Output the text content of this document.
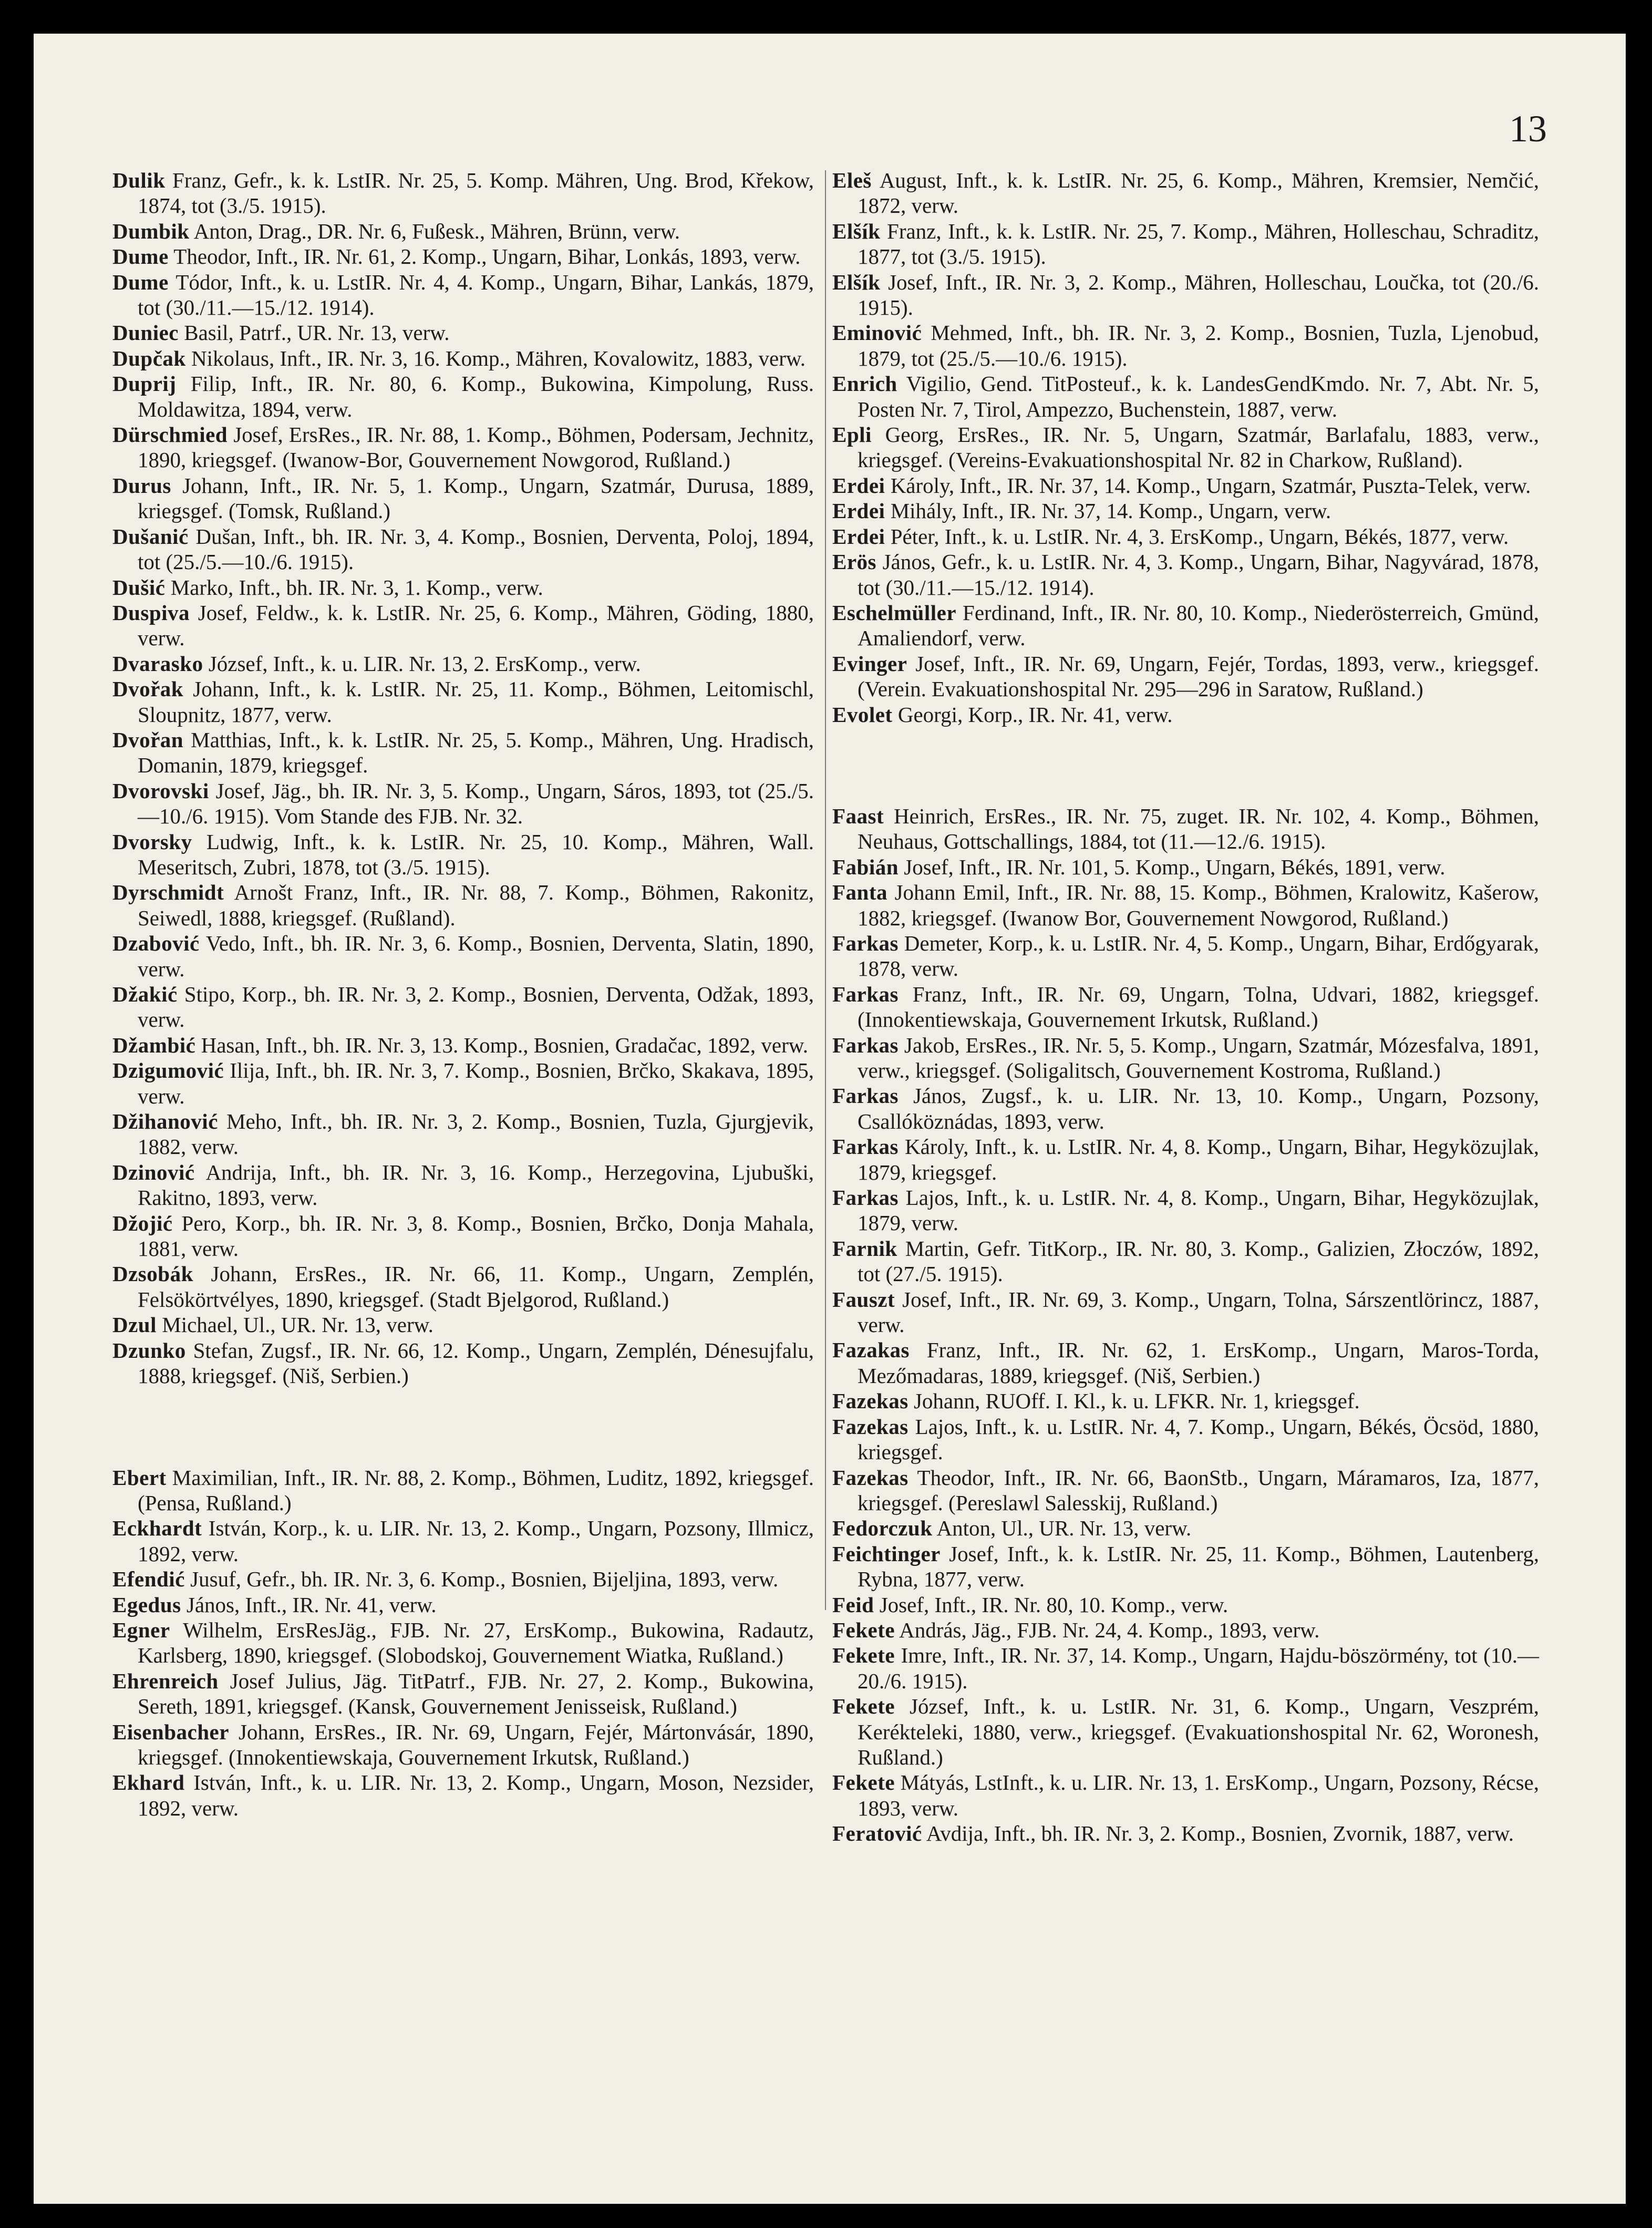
13

Dulik Franz, Gefr., k. k. LstIR. Nr. 25, 5. Komp. Mähren, Ung. Brod, Křekow, 1874, tot (3./5. 1915).

Dumbik Anton, Drag., DR. Nr. 6, Fußesk., Mähren, Brünn, verw.

Dume Theodor, Inft., IR. Nr. 61, 2. Komp., Ungarn, Bihar, Lonkás, 1893, verw.

Dume Tódor, Inft., k. u. LstIR. Nr. 4, 4. Komp., Ungarn, Bihar, Lankás, 1879, tot (30./11.—15./12. 1914).

Duniec Basil, Patrf., UR. Nr. 13, verw.

Dupčak Nikolaus, Inft., IR. Nr. 3, 16. Komp., Mähren, Kovalowitz, 1883, verw.

Duprij Filip, Inft., IR. Nr. 80, 6. Komp., Bukowina, Kimpolung, Russ. Moldawitza, 1894, verw.

Dürschmied Josef, ErsRes., IR. Nr. 88, 1. Komp., Böhmen, Podersam, Jechnitz, 1890, kriegsgef. (Iwanow-Bor, Gouvernement Nowgorod, Rußland.)

Durus Johann, Inft., IR. Nr. 5, 1. Komp., Ungarn, Szatmár, Durusa, 1889, kriegsgef. (Tomsk, Rußland.)

Dušanić Dušan, Inft., bh. IR. Nr. 3, 4. Komp., Bosnien, Derventa, Poloj, 1894, tot (25./5.—10./6. 1915).

Dušić Marko, Inft., bh. IR. Nr. 3, 1. Komp., verw.

Duspiva Josef, Feldw., k. k. LstIR. Nr. 25, 6. Komp., Mähren, Göding, 1880, verw.

Dvarasko József, Inft., k. u. LIR. Nr. 13, 2. ErsKomp., verw.

Dvořak Johann, Inft., k. k. LstIR. Nr. 25, 11. Komp., Böhmen, Leitomischl, Sloupnitz, 1877, verw.

Dvořan Matthias, Inft., k. k. LstIR. Nr. 25, 5. Komp., Mähren, Ung. Hradisch, Domanin, 1879, kriegsgef.

Dvorovski Josef, Jäg., bh. IR. Nr. 3, 5. Komp., Ungarn, Sáros, 1893, tot (25./5.—10./6. 1915). Vom Stande des FJB. Nr. 32.

Dvorsky Ludwig, Inft., k. k. LstIR. Nr. 25, 10. Komp., Mähren, Wall. Meseritsch, Zubri, 1878, tot (3./5. 1915).

Dyrschmidt Arnošt Franz, Inft., IR. Nr. 88, 7. Komp., Böhmen, Rakonitz, Seiwedl, 1888, kriegsgef. (Rußland).

Dzabović Vedo, Inft., bh. IR. Nr. 3, 6. Komp., Bosnien, Derventa, Slatin, 1890, verw.

Džakić Stipo, Korp., bh. IR. Nr. 3, 2. Komp., Bosnien, Derventa, Odžak, 1893, verw.

Džambić Hasan, Inft., bh. IR. Nr. 3, 13. Komp., Bosnien, Gradačac, 1892, verw.

Dzigumović Ilija, Inft., bh. IR. Nr. 3, 7. Komp., Bosnien, Brčko, Skakava, 1895, verw.

Džihanović Meho, Inft., bh. IR. Nr. 3, 2. Komp., Bosnien, Tuzla, Gjurgjevik, 1882, verw.

Dzinović Andrija, Inft., bh. IR. Nr. 3, 16. Komp., Herzegovina, Ljubuški, Rakitno, 1893, verw.

Džojić Pero, Korp., bh. IR. Nr. 3, 8. Komp., Bosnien, Brčko, Donja Mahala, 1881, verw.

Dzsobák Johann, ErsRes., IR. Nr. 66, 11. Komp., Ungarn, Zemplén, Felsökörtvélyes, 1890, kriegsgef. (Stadt Bjelgorod, Rußland.)

Dzul Michael, Ul., UR. Nr. 13, verw.

Dzunko Stefan, Zugsf., IR. Nr. 66, 12. Komp., Ungarn, Zemplén, Dénesujfalu, 1888, kriegsgef. (Niš, Serbien.)

Ebert Maximilian, Inft., IR. Nr. 88, 2. Komp., Böhmen, Luditz, 1892, kriegsgef. (Pensa, Rußland.)

Eckhardt István, Korp., k. u. LIR. Nr. 13, 2. Komp., Ungarn, Pozsony, Illmicz, 1892, verw.

Efendić Jusuf, Gefr., bh. IR. Nr. 3, 6. Komp., Bosnien, Bijeljina, 1893, verw.

Egedus János, Inft., IR. Nr. 41, verw.

Egner Wilhelm, ErsResJäg., FJB. Nr. 27, ErsKomp., Bukowina, Radautz, Karlsberg, 1890, kriegsgef. (Slobodskoj, Gouvernement Wiatka, Rußland.)

Ehrenreich Josef Julius, Jäg. TitPatrf., FJB. Nr. 27, 2. Komp., Bukowina, Sereth, 1891, kriegsgef. (Kansk, Gouvernement Jenisseisk, Rußland.)

Eisenbacher Johann, ErsRes., IR. Nr. 69, Ungarn, Fejér, Mártonvásár, 1890, kriegsgef. (Innokentiewskaja, Gouvernement Irkutsk, Rußland.)

Ekhard István, Inft., k. u. LIR. Nr. 13, 2. Komp., Ungarn, Moson, Nezsider, 1892, verw.

Eleš August, Inft., k. k. LstIR. Nr. 25, 6. Komp., Mähren, Kremsier, Nemčić, 1872, verw.

Elšík Franz, Inft., k. k. LstIR. Nr. 25, 7. Komp., Mähren, Holleschau, Schraditz, 1877, tot (3./5. 1915).

Elšík Josef, Inft., IR. Nr. 3, 2. Komp., Mähren, Holleschau, Loučka, tot (20./6. 1915).

Eminović Mehmed, Inft., bh. IR. Nr. 3, 2. Komp., Bosnien, Tuzla, Ljenobud, 1879, tot (25./5.—10./6. 1915).

Enrich Vigilio, Gend. TitPosteuf., k. k. LandesGendKmdo. Nr. 7, Abt. Nr. 5, Posten Nr. 7, Tirol, Ampezzo, Buchenstein, 1887, verw.

Epli Georg, ErsRes., IR. Nr. 5, Ungarn, Szatmár, Barlafalu, 1883, verw., kriegsgef. (Vereins-Evakuationshospital Nr. 82 in Charkow, Rußland).

Erdei Károly, Inft., IR. Nr. 37, 14. Komp., Ungarn, Szatmár, Puszta-Telek, verw.

Erdei Mihály, Inft., IR. Nr. 37, 14. Komp., Ungarn, verw.

Erdei Péter, Inft., k. u. LstIR. Nr. 4, 3. ErsKomp., Ungarn, Békés, 1877, verw.

Erös János, Gefr., k. u. LstIR. Nr. 4, 3. Komp., Ungarn, Bihar, Nagyvárad, 1878, tot (30./11.—15./12. 1914).

Eschelmüller Ferdinand, Inft., IR. Nr. 80, 10. Komp., Niederösterreich, Gmünd, Amaliendorf, verw.

Evinger Josef, Inft., IR. Nr. 69, Ungarn, Fejér, Tordas, 1893, verw., kriegsgef. (Verein. Evakuationshospital Nr. 295—296 in Saratow, Rußland.)

Evolet Georgi, Korp., IR. Nr. 41, verw.

Faast Heinrich, ErsRes., IR. Nr. 75, zuget. IR. Nr. 102, 4. Komp., Böhmen, Neuhaus, Gottschallings, 1884, tot (11.—12./6. 1915).

Fabián Josef, Inft., IR. Nr. 101, 5. Komp., Ungarn, Békés, 1891, verw.

Fanta Johann Emil, Inft., IR. Nr. 88, 15. Komp., Böhmen, Kralowitz, Kašerow, 1882, kriegsgef. (Iwanow Bor, Gouvernement Nowgorod, Rußland.)

Farkas Demeter, Korp., k. u. LstIR. Nr. 4, 5. Komp., Ungarn, Bihar, Erdőgyarak, 1878, verw.

Farkas Franz, Inft., IR. Nr. 69, Ungarn, Tolna, Udvari, 1882, kriegsgef. (Innokentiewskaja, Gouvernement Irkutsk, Rußland.)

Farkas Jakob, ErsRes., IR. Nr. 5, 5. Komp., Ungarn, Szatmár, Mózesfalva, 1891, verw., kriegsgef. (Soligalitsch, Gouvernement Kostroma, Rußland.)

Farkas János, Zugsf., k. u. LIR. Nr. 13, 10. Komp., Ungarn, Pozsony, Csallóköznádas, 1893, verw.

Farkas Károly, Inft., k. u. LstIR. Nr. 4, 8. Komp., Ungarn, Bihar, Hegyközujlak, 1879, kriegsgef.

Farkas Lajos, Inft., k. u. LstIR. Nr. 4, 8. Komp., Ungarn, Bihar, Hegyközujlak, 1879, verw.

Farnik Martin, Gefr. TitKorp., IR. Nr. 80, 3. Komp., Galizien, Złoczów, 1892, tot (27./5. 1915).

Fauszt Josef, Inft., IR. Nr. 69, 3. Komp., Ungarn, Tolna, Sárszentlörincz, 1887, verw.

Fazakas Franz, Inft., IR. Nr. 62, 1. ErsKomp., Ungarn, Maros-Torda, Mezőmadaras, 1889, kriegsgef. (Niš, Serbien.)

Fazekas Johann, RUOff. I. Kl., k. u. LFKR. Nr. 1, kriegsgef.

Fazekas Lajos, Inft., k. u. LstIR. Nr. 4, 7. Komp., Ungarn, Békés, Öcsöd, 1880, kriegsgef.

Fazekas Theodor, Inft., IR. Nr. 66, BaonStb., Ungarn, Máramaros, Iza, 1877, kriegsgef. (Pereslawl Salesskij, Rußland.)

Fedorczuk Anton, Ul., UR. Nr. 13, verw.

Feichtinger Josef, Inft., k. k. LstIR. Nr. 25, 11. Komp., Böhmen, Lautenberg, Rybna, 1877, verw.

Feid Josef, Inft., IR. Nr. 80, 10. Komp., verw.

Fekete András, Jäg., FJB. Nr. 24, 4. Komp., 1893, verw.

Fekete Imre, Inft., IR. Nr. 37, 14. Komp., Ungarn, Hajdu-böszörmény, tot (10.—20./6. 1915).

Fekete József, Inft., k. u. LstIR. Nr. 31, 6. Komp., Ungarn, Veszprém, Kerékteleki, 1880, verw., kriegsgef. (Evakuationshospital Nr. 62, Woronesh, Rußland.)

Fekete Mátyás, LstInft., k. u. LIR. Nr. 13, 1. ErsKomp., Ungarn, Pozsony, Récse, 1893, verw.

Feratović Avdija, Inft., bh. IR. Nr. 3, 2. Komp., Bosnien, Zvornik, 1887, verw.
